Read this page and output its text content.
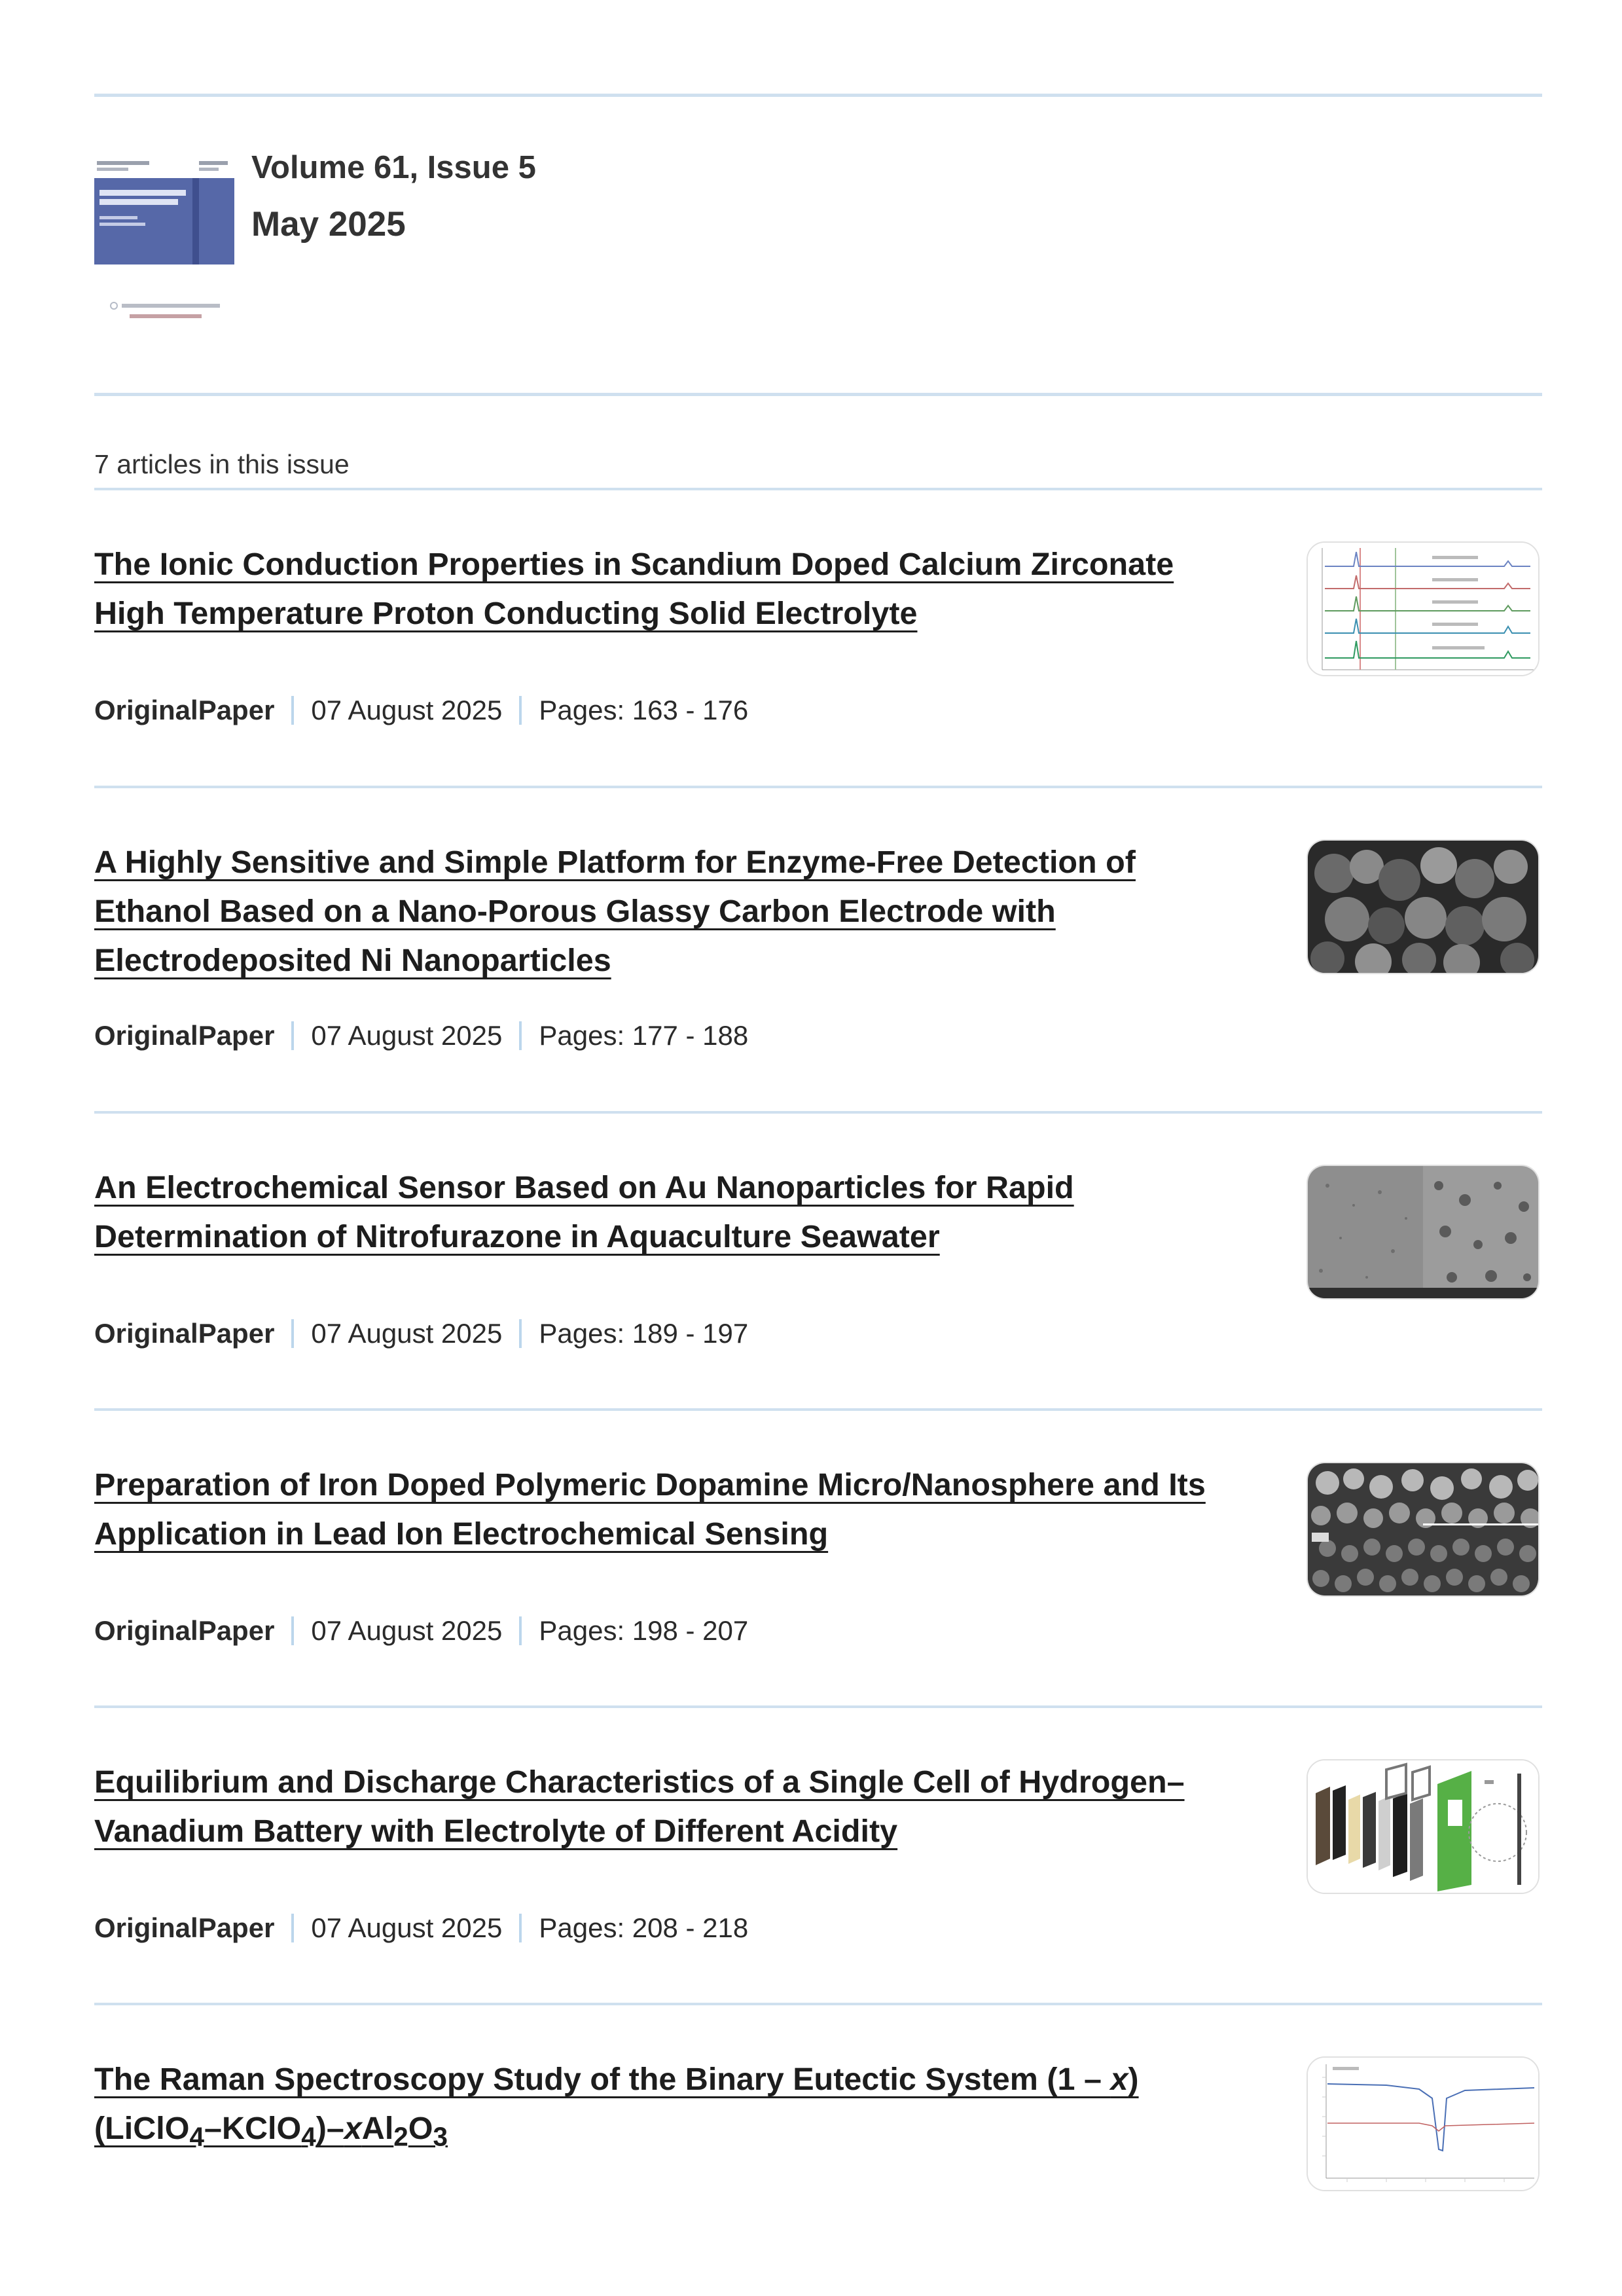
Volume 61, Issue 5
May 2025
7 articles in this issue
The Ionic Conduction Properties in Scandium Doped Calcium Zirconate High Temperature Proton Conducting Solid Electrolyte
OriginalPaper 07 August 2025 Pages: 163 - 176
A Highly Sensitive and Simple Platform for Enzyme-Free Detection of Ethanol Based on a Nano-Porous Glassy Carbon Electrode with Electrodeposited Ni Nanoparticles
OriginalPaper 07 August 2025 Pages: 177 - 188
An Electrochemical Sensor Based on Au Nanoparticles for Rapid Determination of Nitrofurazone in Aquaculture Seawater
OriginalPaper 07 August 2025 Pages: 189 - 197
Preparation of Iron Doped Polymeric Dopamine Micro/Nanosphere and Its Application in Lead Ion Electrochemical Sensing
OriginalPaper 07 August 2025 Pages: 198 - 207
Equilibrium and Discharge Characteristics of a Single Cell of Hydrogen–Vanadium Battery with Electrolyte of Different Acidity
OriginalPaper 07 August 2025 Pages: 208 - 218
The Raman Spectroscopy Study of the Binary Eutectic System (1 – x)
$(LiClO_4-KClO_4)-xAl_2O_3$
